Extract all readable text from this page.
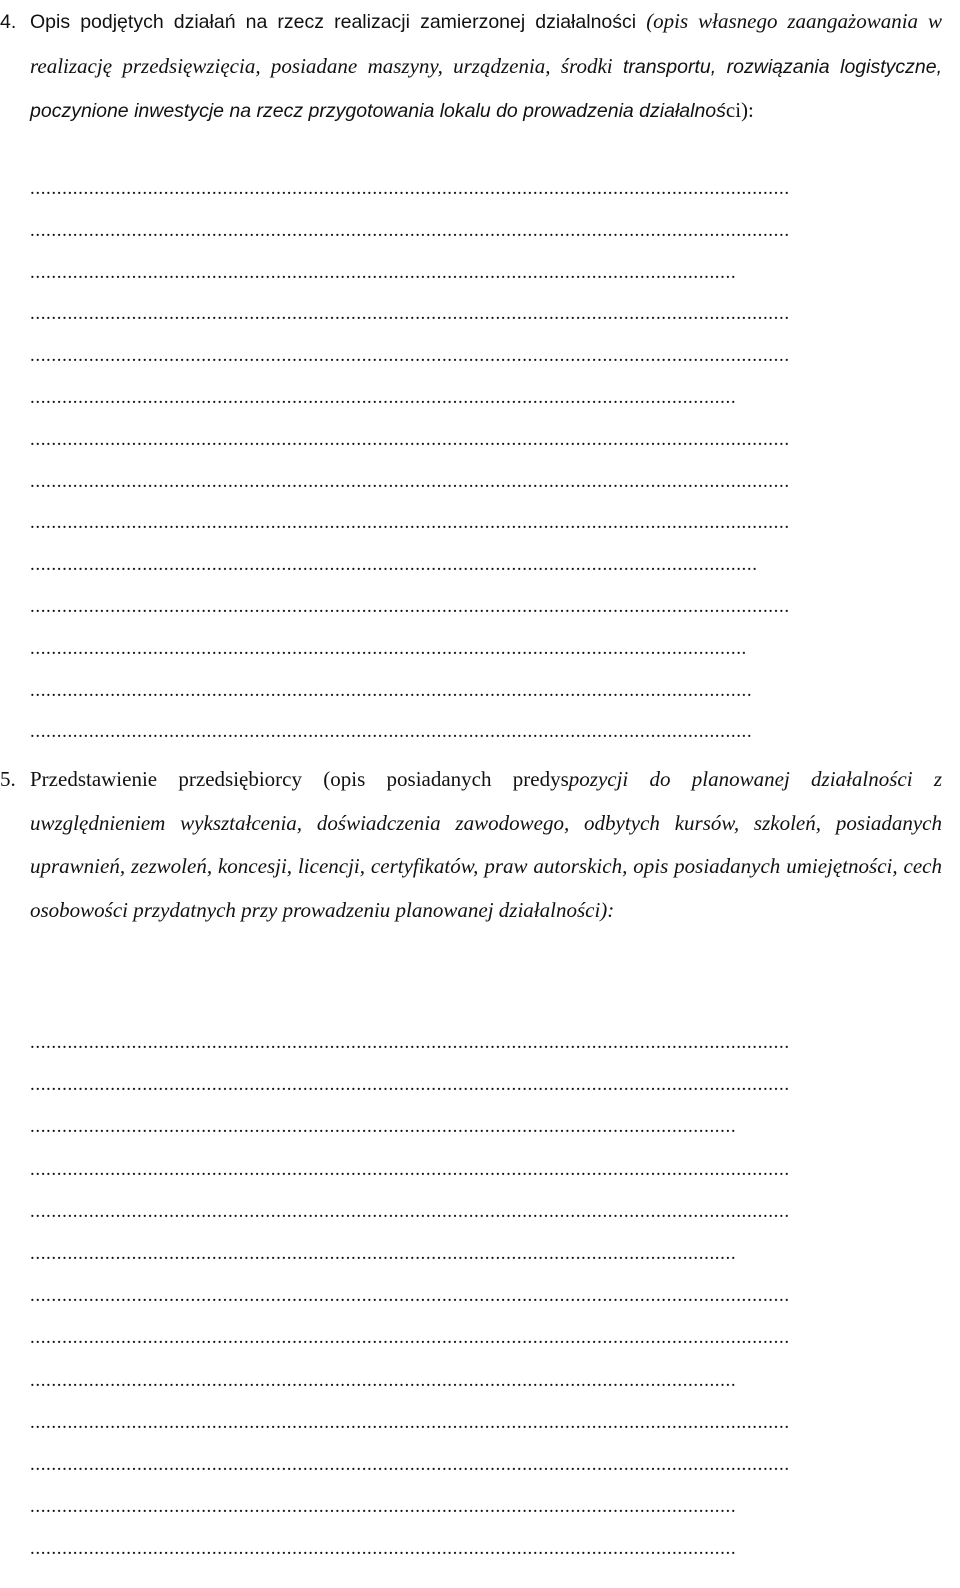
4. Opis podjętych działań na rzecz realizacji zamierzonej działalności (opis własnego zaangażowania w realizację przedsięwzięcia, posiadane maszyny, urządzenia, środki transportu, rozwiązania logistyczne, poczynione inwestycje na rzecz przygotowania lokalu do prowadzenia działalności):

..............................................................................................................................................
..............................................................................................................................................
....................................................................................................................................
..............................................................................................................................................
..............................................................................................................................................
....................................................................................................................................
..............................................................................................................................................
..............................................................................................................................................
..............................................................................................................................................
........................................................................................................................................
..............................................................................................................................................
......................................................................................................................................
.......................................................................................................................................
.......................................................................................................................................

5. Przedstawienie przedsiębiorcy (opis posiadanych predyspozycji do planowanej działalności z uwzględnieniem wykształcenia, doświadczenia zawodowego, odbytych kursów, szkoleń, posiadanych uprawnień, zezwoleń, koncesji, licencji, certyfikatów, praw autorskich, opis posiadanych umiejętności, cech osobowości przydatnych przy prowadzeniu planowanej działalności):

..............................................................................................................................................
..............................................................................................................................................
....................................................................................................................................
..............................................................................................................................................
..............................................................................................................................................
....................................................................................................................................
..............................................................................................................................................
..............................................................................................................................................
....................................................................................................................................
..............................................................................................................................................
..............................................................................................................................................
....................................................................................................................................
....................................................................................................................................
